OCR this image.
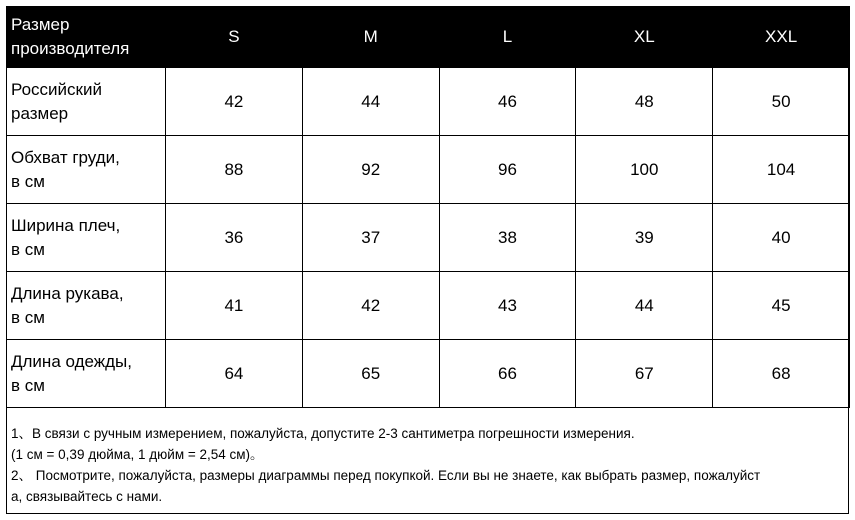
Размер
производителя	S	M	L	XL	XXL

Российский
размер	42	44	46	48	50

Обхват груди,
в см	88	92	96	100	104

Ширина плеч,
в см	36	37	38	39	40

Длина рукава,
в см	41	42	43	44	45

Длина одежды,
в см	64	65	66	67	68
1、В связи с ручным измерением, пожалуйста, допустите 2-3 сантиметра погрешности измерения.
(1 см = 0,39 дюйма, 1 дюйм = 2,54 см)。
2、 Посмотрите, пожалуйста, размеры диаграммы перед покупкой. Если вы не знаете, как выбрать размер, пожалуйст
а, связывайтесь с нами.
